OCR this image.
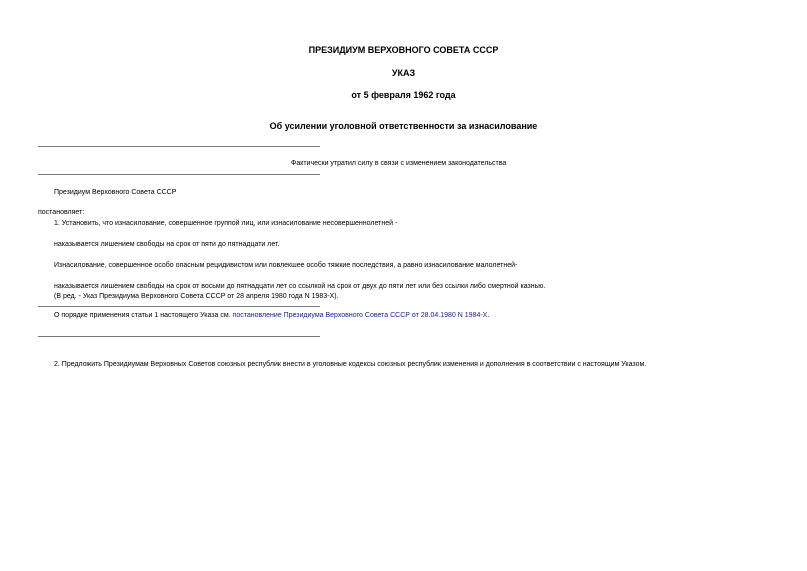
ПРЕЗИДИУМ ВЕРХОВНОГО СОВЕТА СССР
УКАЗ
от 5 февраля 1962 года
Об усилении уголовной ответственности за изнасилование
Фактически утратил силу в связи с изменением законодательства
Президиум Верховного Совета СССР
постановляет:
1. Установить, что изнасилование, совершенное группой лиц, или изнасилование несовершеннолетней -
наказывается лишением свободы на срок от пяти до пятнадцати лет.
Изнасилование, совершенное особо опасным рецидивистом или повлекшее особо тяжкие последствия, а равно изнасилование малолетней-
наказывается лишением свободы на срок от восьми до пятнадцати лет со ссылкой на срок от двух до пяти лет или без ссылки либо смертной казнью.
(В ред. - Указ Президиума Верховного Совета СССР от 28 апреля 1980 года N 1983-Х).
О порядке применения статьи 1 настоящего Указа см. постановление Президиума Верховного Совета СССР от 28.04.1980 N 1984-Х.
2. Предложить Президиумам Верховных Советов союзных республик внести в уголовные кодексы союзных республик изменения и дополнения в соответствии с настоящим Указом.
